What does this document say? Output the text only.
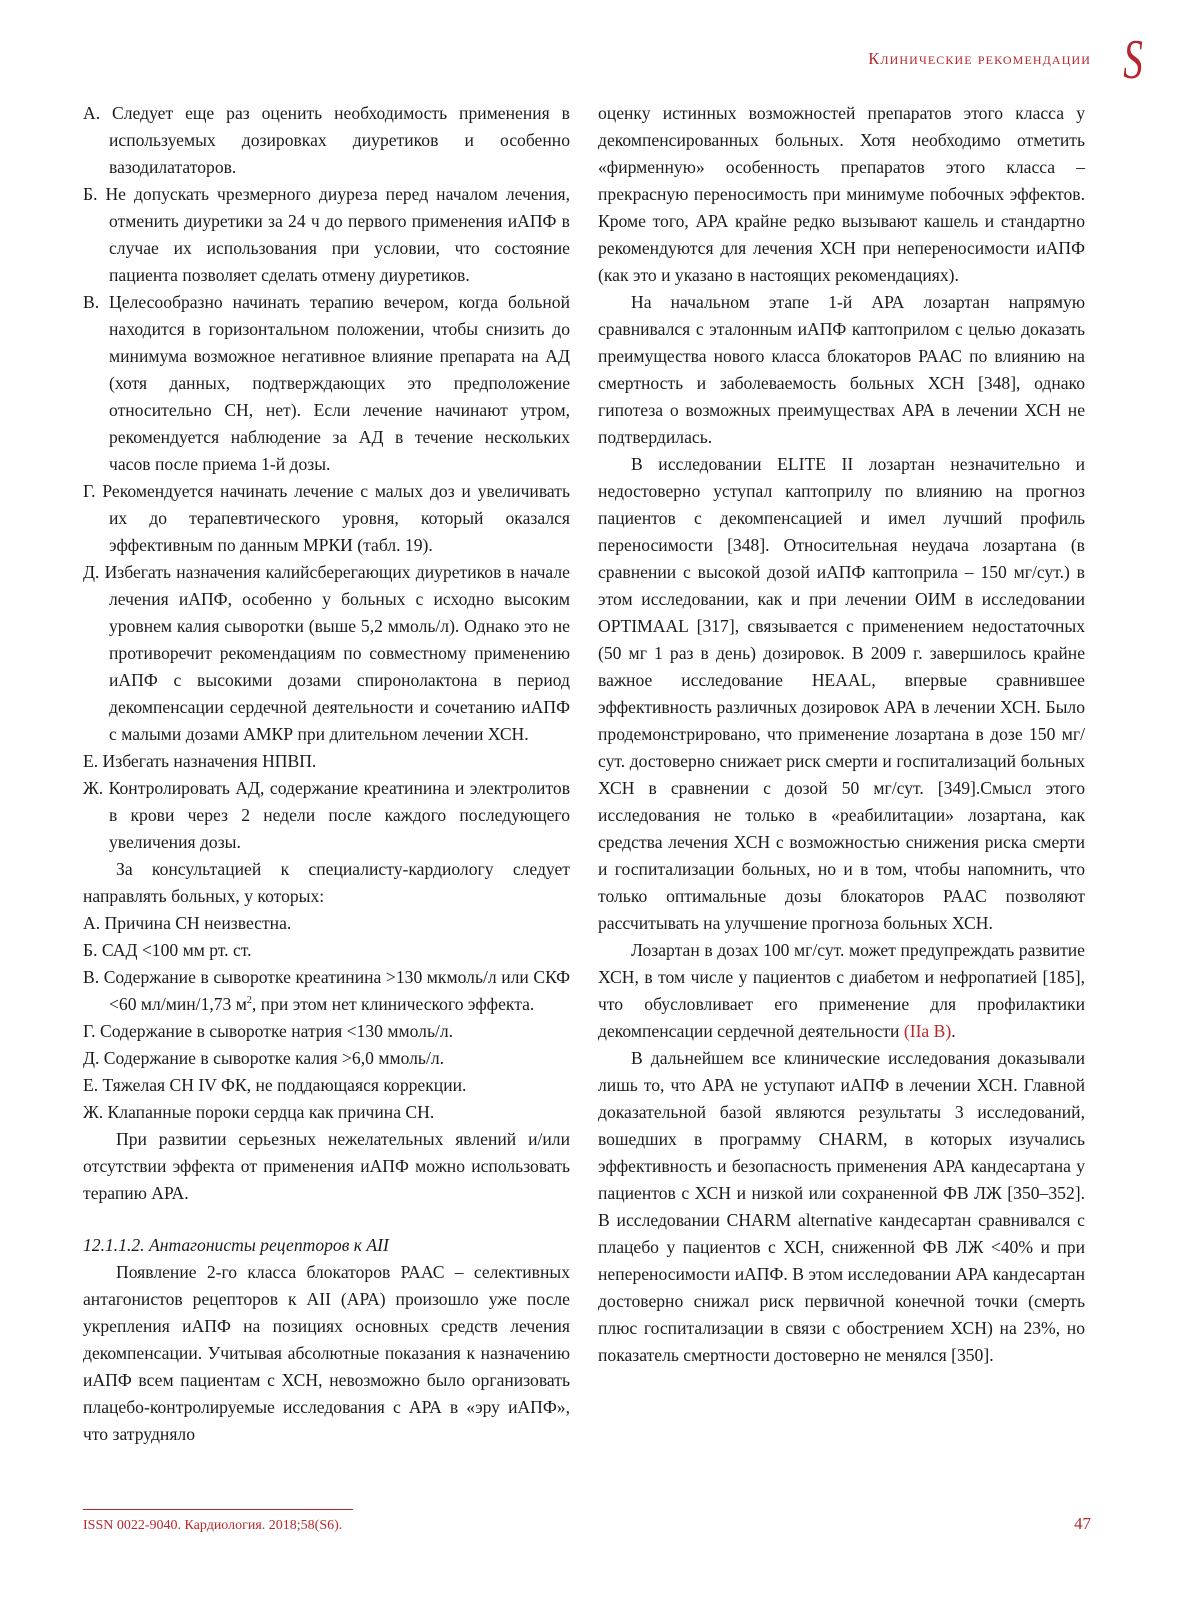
Клинические рекомендации S

А. Следует еще раз оценить необходимость применения в используемых дозировках диуретиков и особенно вазодилататоров.

Б. Не допускать чрезмерного диуреза перед началом лечения, отменить диуретики за 24 ч до первого применения иАПФ в случае их использования при условии, что состояние пациента позволяет сделать отмену диуретиков.

В. Целесообразно начинать терапию вечером, когда больной находится в горизонтальном положении, чтобы снизить до минимума возможное негативное влияние препарата на АД (хотя данных, подтверждающих это предположение относительно СН, нет). Если лечение начинают утром, рекомендуется наблюдение за АД в течение нескольких часов после приема 1-й дозы.

Г. Рекомендуется начинать лечение с малых доз и увеличивать их до терапевтического уровня, который оказался эффективным по данным МРКИ (табл. 19).

Д. Избегать назначения калийсберегающих диуретиков в начале лечения иАПФ, особенно у больных с исходно высоким уровнем калия сыворотки (выше 5,2 ммоль/л). Однако это не противоречит рекомендациям по совместному применению иАПФ с высокими дозами спиронолактона в период декомпенсации сердечной деятельности и сочетанию иАПФ с малыми дозами АМКР при длительном лечении ХСН.

Е. Избегать назначения НПВП.

Ж. Контролировать АД, содержание креатинина и электролитов в крови через 2 недели после каждого последующего увеличения дозы.

За консультацией к специалисту-кардиологу следует направлять больных, у которых:

А. Причина СН неизвестна.

Б. САД <100 мм рт. ст.

В. Содержание в сыворотке креатинина >130 мкмоль/л или СКФ <60 мл/мин/1,73 $м^2$, при этом нет клинического эффекта.

Г. Содержание в сыворотке натрия <130 ммоль/л.

Д. Содержание в сыворотке калия >6,0 ммоль/л.

Е. Тяжелая СН IV ФК, не поддающаяся коррекции.

Ж. Клапанные пороки сердца как причина СН.

При развитии серьезных нежелательных явлений и/или отсутствии эффекта от применения иАПФ можно использовать терапию АРА.

12.1.1.2. Антагонисты рецепторов к AII

Появление 2-го класса блокаторов РААС – селективных антагонистов рецепторов к AII (АРА) произошло уже после укрепления иАПФ на позициях основных средств лечения декомпенсации. Учитывая абсолютные показания к назначению иАПФ всем пациентам с ХСН, невозможно было организовать плацебо-контролируемые исследования с АРА в «эру иАПФ», что затрудняло

оценку истинных возможностей препаратов этого класса у декомпенсированных больных. Хотя необходимо отметить «фирменную» особенность препаратов этого класса – прекрасную переносимость при минимуме побочных эффектов. Кроме того, АРА крайне редко вызывают кашель и стандартно рекомендуются для лечения ХСН при непереносимости иАПФ (как это и указано в настоящих рекомендациях).

На начальном этапе 1-й АРА лозартан напрямую сравнивался с эталонным иАПФ каптоприлом с целью доказать преимущества нового класса блокаторов РААС по влиянию на смертность и заболеваемость больных ХСН [348], однако гипотеза о возможных преимуществах АРА в лечении ХСН не подтвердилась.

В исследовании ELITE II лозартан незначительно и недостоверно уступал каптоприлу по влиянию на прогноз пациентов с декомпенсацией и имел лучший профиль переносимости [348]. Относительная неудача лозартана (в сравнении с высокой дозой иАПФ каптоприла – 150 мг/сут.) в этом исследовании, как и при лечении ОИМ в исследовании OPTIMAAL [317], связывается с применением недостаточных (50 мг 1 раз в день) дозировок. В 2009 г. завершилось крайне важное исследование HEAAL, впервые сравнившее эффективность различных дозировок АРА в лечении ХСН. Было продемонстрировано, что применение лозартана в дозе 150 мг/сут. достоверно снижает риск смерти и госпитализаций больных ХСН в сравнении с дозой 50 мг/сут. [349].Смысл этого исследования не только в «реабилитации» лозартана, как средства лечения ХСН с возможностью снижения риска смерти и госпитализации больных, но и в том, чтобы напомнить, что только оптимальные дозы блокаторов РААС позволяют рассчитывать на улучшение прогноза больных ХСН.

Лозартан в дозах 100 мг/сут. может предупреждать развитие ХСН, в том числе у пациентов с диабетом и нефропатией [185], что обусловливает его применение для профилактики декомпенсации сердечной деятельности (IIa B).

В дальнейшем все клинические исследования доказывали лишь то, что АРА не уступают иАПФ в лечении ХСН. Главной доказательной базой являются результаты 3 исследований, вошедших в программу CHARM, в которых изучались эффективность и безопасность применения АРА кандесартана у пациентов с ХСН и низкой или сохраненной ФВ ЛЖ [350–352]. В исследовании CHARM alternative кандесартан сравнивался с плацебо у пациентов с ХСН, сниженной ФВ ЛЖ <40% и при непереносимости иАПФ. В этом исследовании АРА кандесартан достоверно снижал риск первичной конечной точки (смерть плюс госпитализации в связи с обострением ХСН) на 23%, но показатель смертности достоверно не менялся [350].

ISSN 0022-9040. Кардиология. 2018;58(S6).	47
